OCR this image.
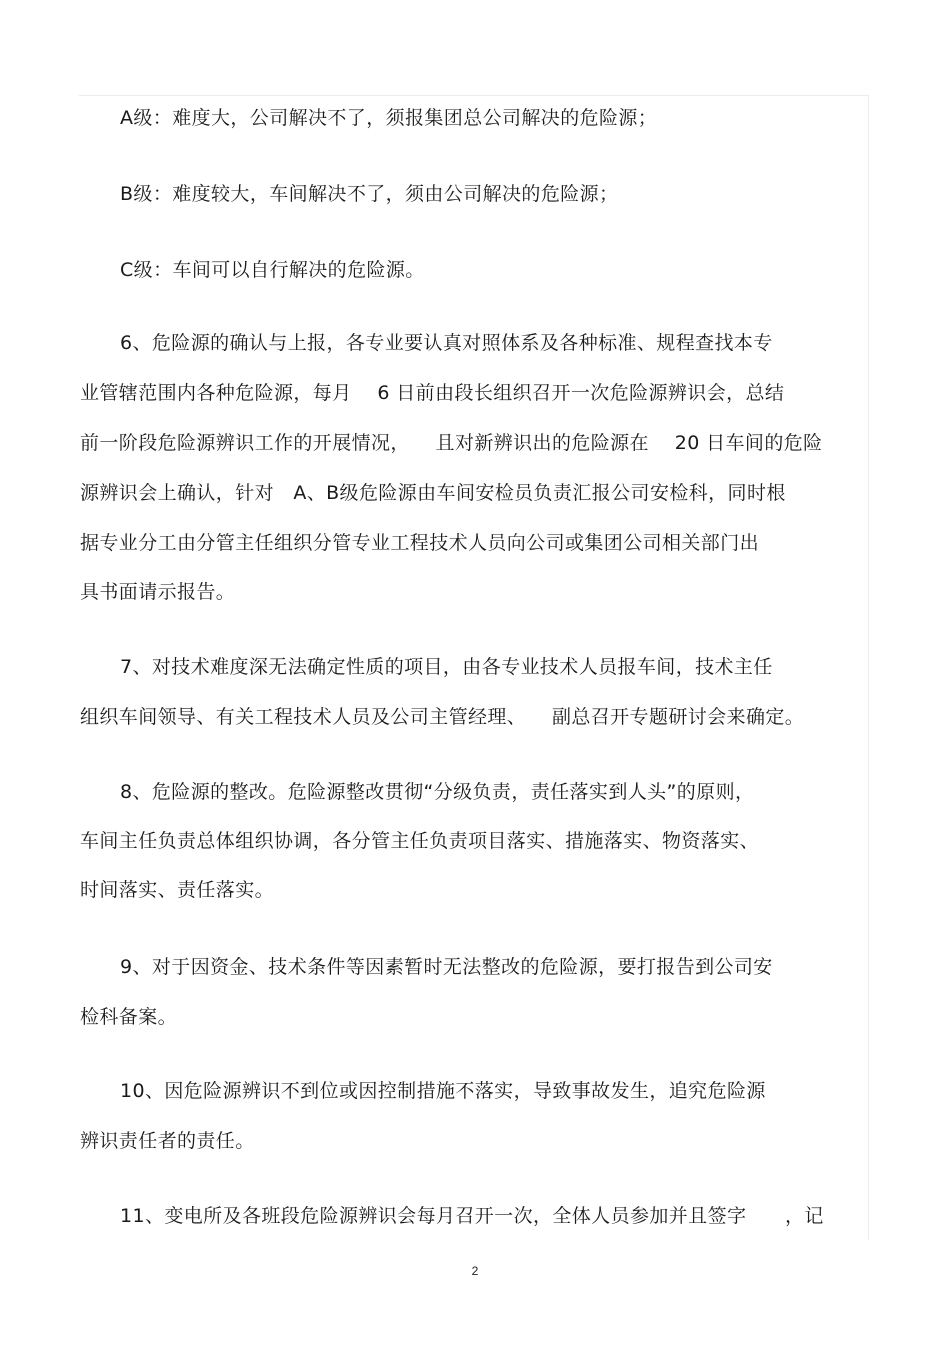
A级：难度大，公司解决不了，须报集团总公司解决的危险源；
B级：难度较大，车间解决不了，须由公司解决的危险源；
C级：车间可以自行解决的危险源。
6、危险源的确认与上报，各专业要认真对照体系及各种标准、规程查找本专
业管辖范围内各种危险源，每月    6 日前由段长组织召开一次危险源辨识会，总结
前一阶段危险源辨识工作的开展情况，    且对新辨识出的危险源在    20 日车间的危险
源辨识会上确认，针对   A、B级危险源由车间安检员负责汇报公司安检科，同时根
据专业分工由分管主任组织分管专业工程技术人员向公司或集团公司相关部门出
具书面请示报告。
7、对技术难度深无法确定性质的项目，由各专业技术人员报车间，技术主任
组织车间领导、有关工程技术人员及公司主管经理、    副总召开专题研讨会来确定。
8、危险源的整改。危险源整改贯彻“分级负责，责任落实到人头”的原则，
车间主任负责总体组织协调，各分管主任负责项目落实、措施落实、物资落实、
时间落实、责任落实。
9、对于因资金、技术条件等因素暂时无法整改的危险源，要打报告到公司安
检科备案。
10、因危险源辨识不到位或因控制措施不落实，导致事故发生，追究危险源
辨识责任者的责任。
11、变电所及各班段危险源辨识会每月召开一次，全体人员参加并且签字      ，记
2
